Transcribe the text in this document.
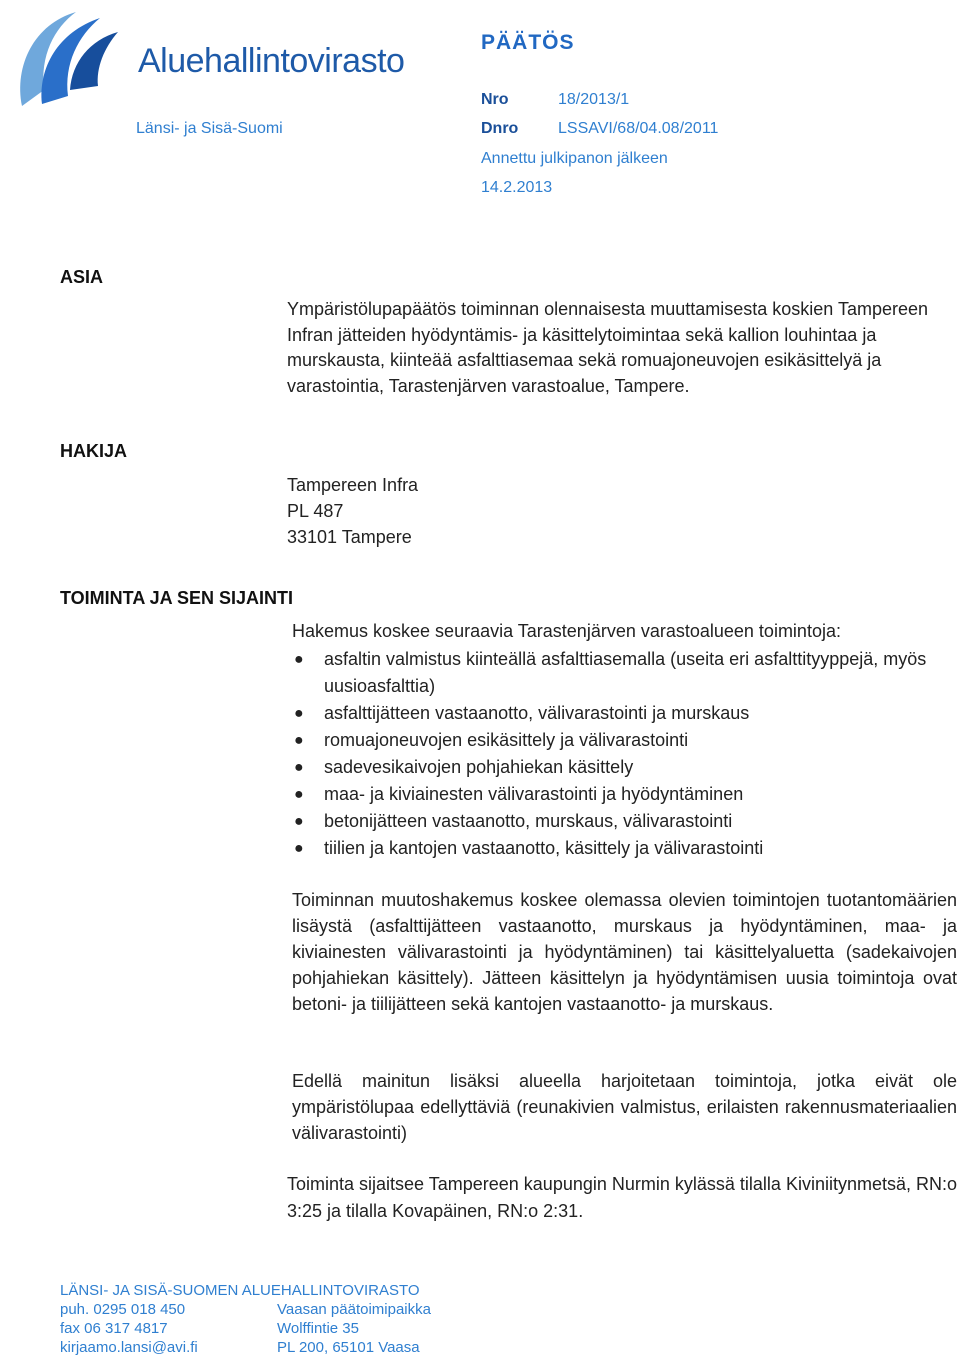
Aluehallintovirasto
Länsi- ja Sisä-Suomi
PÄÄTÖS
Nro	18/2013/1
Dnro LSSAVI/68/04.08/2011
Annettu julkipanon jälkeen
14.2.2013
ASIA
Ympäristölupapäätös toiminnan olennaisesta muuttamisesta koskien Tampereen Infran jätteiden hyödyntämis- ja käsittelytoimintaa sekä kallion louhintaa ja murskausta, kiinteää asfalttiasemaa sekä romuajoneuvojen esikäsittelyä ja varastointia, Tarastenjärven varastoalue, Tampere.
HAKIJA
Tampereen Infra
PL 487
33101 Tampere
TOIMINTA JA SEN SIJAINTI
Hakemus koskee seuraavia Tarastenjärven varastoalueen toimintoja:
● asfaltin valmistus kiinteällä asfalttiasemalla (useita eri asfalttityyppejä, myös uusioasfalttia)
● asfalttijätteen vastaanotto, välivarastointi ja murskaus
● romuajoneuvojen esikäsittely ja välivarastointi
● sadevesikaivojen pohjahiekan käsittely
● maa- ja kiviainesten välivarastointi ja hyödyntäminen
● betonijätteen vastaanotto, murskaus, välivarastointi
● tiilien ja kantojen vastaanotto, käsittely ja välivarastointi
Toiminnan muutoshakemus koskee olemassa olevien toimintojen tuotantomäärien lisäystä (asfalttijätteen vastaanotto, murskaus ja hyödyntäminen, maa- ja kiviainesten välivarastointi ja hyödyntäminen) tai käsittelyaluetta (sadekaivojen pohjahiekan käsittely). Jätteen käsittelyn ja hyödyntämisen uusia toimintoja ovat betoni- ja tiilijätteen sekä kantojen vastaanotto- ja murskaus.
Edellä mainitun lisäksi alueella harjoitetaan toimintoja, jotka eivät ole ympäristölupaa edellyttäviä (reunakivien valmistus, erilaisten rakennusmateriaalien välivarastointi)
Toiminta sijaitsee Tampereen kaupungin Nurmin kylässä tilalla Kiviniitynmetsä, RN:o 3:25 ja tilalla Kovapäinen, RN:o 2:31.
LÄNSI- JA SISÄ-SUOMEN ALUEHALLINTOVIRASTO
puh. 0295 018 450
fax 06 317 4817
kirjaamo.lansi@avi.fi
Vaasan päätoimipaikka
Wolffintie 35
PL 200, 65101 Vaasa
